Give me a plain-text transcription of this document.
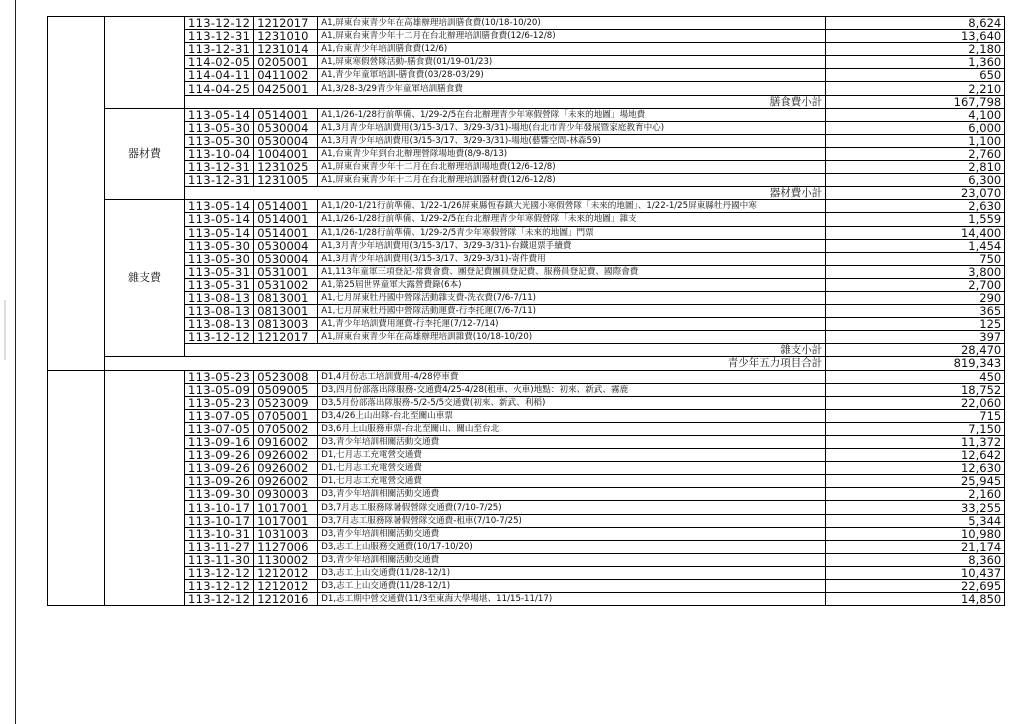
		113-12-12	1212017	A1,屏東台東青少年在高雄辦理培訓膳食費(10/18-10/20)	8,624
		113-12-31	1231010	A1,屏東台東青少年十二月在台北辦理培訓膳食費(12/6-12/8)	13,640
		113-12-31	1231014	A1,台東青少年培訓膳食費(12/6)	2,180
		114-02-05	0205001	A1,屏東寒假營隊活動-膳食費(01/19-01/23)	1,360
		114-04-11	0411002	A1,青少年童軍培訓-膳食費(03/28-03/29)	650
		114-04-25	0425001	A1,3/28-3/29青少年童軍培訓膳食費	2,210
		膳食費小計			167,798
	器材費	113-05-14	0514001	A1,1/26-1/28行前準備、1/29-2/5在台北辦理青少年寒假營隊「未來的地圖」場地費	4,100
		113-05-30	0530004	A1,3月青少年培訓費用(3/15-3/17、3/29-3/31)-場地(台北市青少年發展暨家庭教育中心)	6,000
		113-05-30	0530004	A1,3月青少年培訓費用(3/15-3/17、3/29-3/31)-場地(藝響空間-林森59)	1,100
		113-10-04	1004001	A1,台東青少年到台北辦理營隊場地費(8/9-8/13)	2,760
		113-12-31	1231025	A1,屏東台東青少年十二月在台北辦理培訓場地費(12/6-12/8)	2,810
		113-12-31	1231005	A1,屏東台東青少年十二月在台北辦理培訓器材費(12/6-12/8)	6,300
		器材費小計			23,070
	雜支費	113-05-14	0514001	A1,1/20-1/21行前準備、1/22-1/26屏東縣恆春鎮大光國小寒假營隊「未來的地圖」、1/22-1/25屏東縣牡丹國中寒	2,630
		113-05-14	0514001	A1,1/26-1/28行前準備、1/29-2/5在台北辦理青少年寒假營隊「未來的地圖」雜支	1,559
		113-05-14	0514001	A1,1/26-1/28行前準備、1/29-2/5青少年寒假營隊「未來的地圖」門票	14,400
		113-05-30	0530004	A1,3月青少年培訓費用(3/15-3/17、3/29-3/31)-台鐵退票手續費	1,454
		113-05-30	0530004	A1,3月青少年培訓費用(3/15-3/17、3/29-3/31)-寄件費用	750
		113-05-31	0531001	A1,113年童軍三項登記-常費會費、團登記費團員登記費、服務員登記費、國際會費	3,800
		113-05-31	0531002	A1,第25屆世界童軍大露營費錄(6本)	2,700
		113-08-13	0813001	A1,七月屏東牡丹國中營隊活動雜支費-洗衣費(7/6-7/11)	290
		113-08-13	0813001	A1,七月屏東牡丹國中營隊活動運費-行李托運(7/6-7/11)	365
		113-08-13	0813003	A1,青少年培訓費用運費-行李托運(7/12-7/14)	125
		113-12-12	1212017	A1,屏東台東青少年在高雄辦理培訓雜費(10/18-10/20)	397
		雜支小計			28,470
	青少年五力項目合計				819,343
		113-05-23	0523008	D1,4月份志工培訓費用-4/28停車費	450
		113-05-09	0509005	D3,四月份部落出隊服務-交通費4/25-4/28(租車、火車)地點：初來、新武、霧鹿	18,752
		113-05-23	0523009	D3,5月份部落出隊服務-5/2-5/5交通費(初來、新武、利稻)	22,060
		113-07-05	0705001	D3,4/26上山出隊-台北至關山車票	715
		113-07-05	0705002	D3,6月上山服務車票-台北至關山、關山至台北	7,150
		113-09-16	0916002	D3,青少年培訓相關活動交通費	11,372
		113-09-26	0926002	D1,七月志工充電營交通費	12,642
		113-09-26	0926002	D1,七月志工充電營交通費	12,630
		113-09-26	0926002	D1,七月志工充電營交通費	25,945
		113-09-30	0930003	D3,青少年培訓相關活動交通費	2,160
		113-10-17	1017001	D3,7月志工服務隊暑假營隊交通費(7/10-7/25)	33,255
		113-10-17	1017001	D3,7月志工服務隊暑假營隊交通費-租車(7/10-7/25)	5,344
		113-10-31	1031003	D3,青少年培訓相關活動交通費	10,980
		113-11-27	1127006	D3,志工上山服務交通費(10/17-10/20)	21,174
		113-11-30	1130002	D3,青少年培訓相關活動交通費	8,360
		113-12-12	1212012	D3,志工上山交通費(11/28-12/1)	10,437
		113-12-12	1212012	D3,志工上山交通費(11/28-12/1)	22,695
		113-12-12	1212016	D1,志工期中營交通費(11/3至東海大學場堪、11/15-11/17)	14,850
